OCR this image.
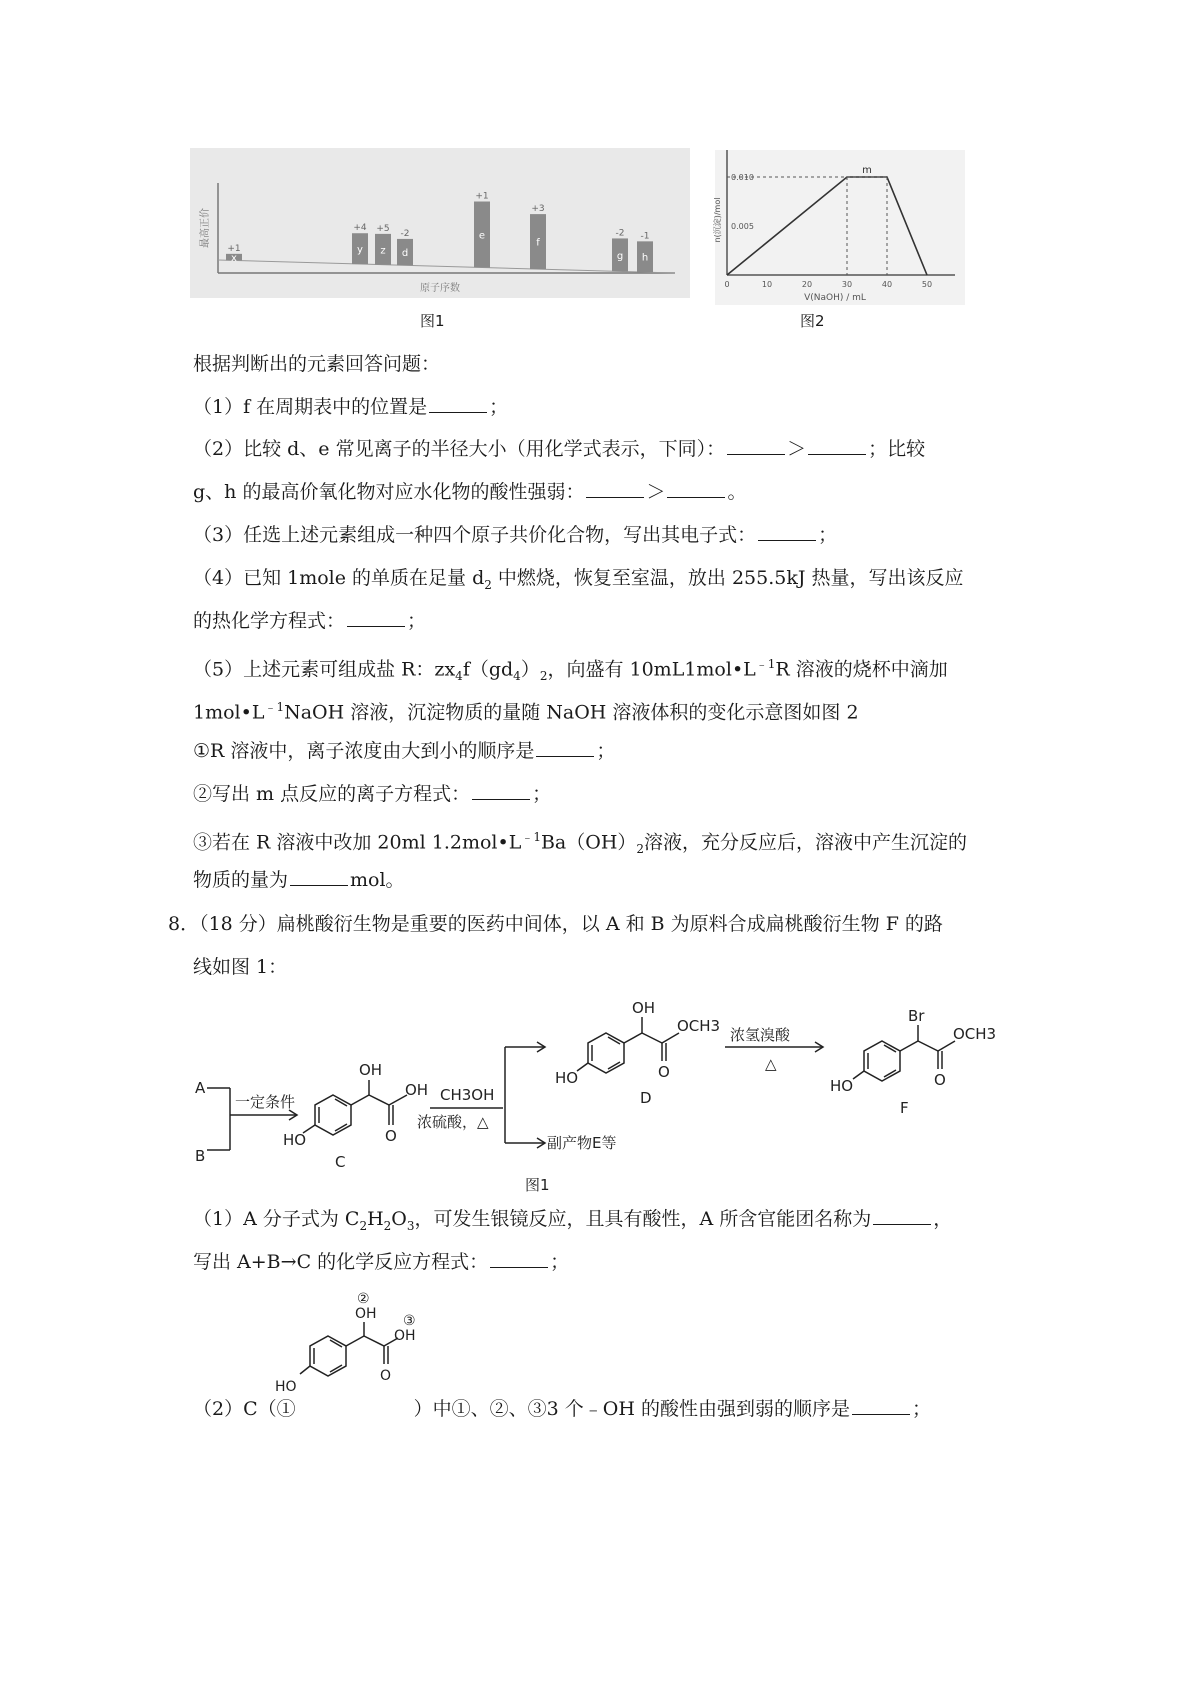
最高正价
原子序数
x
+1	y
+4
z
+5
d
-2	e
+1
f
+3
g
-2
h
-1
图1
n(沉淀)/mol
V(NaOH) / mL
0.010
0.005
0	10	20	30	40	50
m
图2
根据判断出的元素回答问题：
（1）f 在周期表中的位置是	；
（2）比较 d、e 常见离子的半径大小（用化学式表示，下同）：	＞	；比较
g、h 的最高价氧化物对应水化物的酸性强弱：	＞	。
（3）任选上述元素组成一种四个原子共价化合物，写出其电子式：	；
（4）已知 1mole 的单质在足量 $d_2$ 中燃烧，恢复至室温，放出 255.5kJ 热量，写出该反应
的热化学方程式：	；
（5）上述元素可组成盐 R：$zx_4f(gd_4)_2$，向盛有 $10mL1mol•L^{﹣1}R$ 溶液的烧杯中滴加
$1mol•L^{﹣1}NaOH$ 溶液，沉淀物质的量随 NaOH 溶液体积的变化示意图如图 2
①R 溶液中，离子浓度由大到小的顺序是	；
②写出 m 点反应的离子方程式：	；
③若在 R 溶液中改加 20ml $1.2mol•L^{﹣1}Ba(OH)_2$溶液，充分反应后，溶液中产生沉淀的
物质的量为	mol。
8．（18 分）扁桃酸衍生物是重要的医药中间体，以 A 和 B 为原料合成扁桃酸衍生物 F 的路
线如图 1：
A
B
一定条件
OH
OH
O
HO
C
CH3OH
浓硫酸，△
副产物E等
OH
OCH3
O
HO
D
浓氢溴酸
△
Br
OCH3
O
HO
F
图1
（1）A 分子式为 $C_2H_2O_3$，可发生银镜反应，且具有酸性，A 所含官能团名称为	，
写出 A+B→C 的化学反应方程式：	；
②
OH ③
OH
O
HO
（2）C（①	）中①、②、③3 个﹣OH 的酸性由强到弱的顺序是	；
